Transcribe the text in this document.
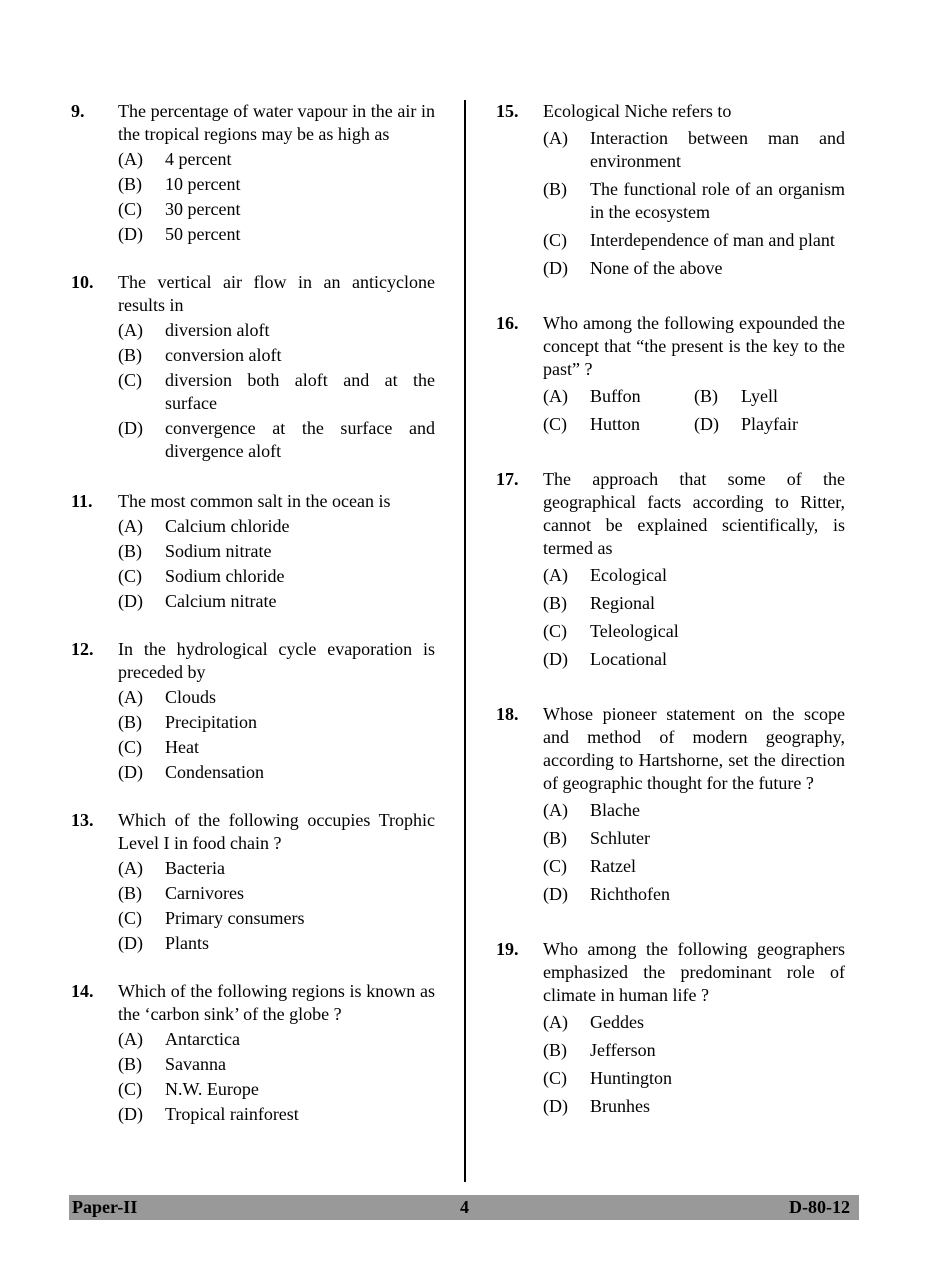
9. The percentage of water vapour in the air in the tropical regions may be as high as
(A) 4 percent
(B) 10 percent
(C) 30 percent
(D) 50 percent
10. The vertical air flow in an anticyclone results in
(A) diversion aloft
(B) conversion aloft
(C) diversion both aloft and at the surface
(D) convergence at the surface and divergence aloft
11. The most common salt in the ocean is
(A) Calcium chloride
(B) Sodium nitrate
(C) Sodium chloride
(D) Calcium nitrate
12. In the hydrological cycle evaporation is preceded by
(A) Clouds
(B) Precipitation
(C) Heat
(D) Condensation
13. Which of the following occupies Trophic Level I in food chain ?
(A) Bacteria
(B) Carnivores
(C) Primary consumers
(D) Plants
14. Which of the following regions is known as the ‘carbon sink’ of the globe ?
(A) Antarctica
(B) Savanna
(C) N.W. Europe
(D) Tropical rainforest
15. Ecological Niche refers to
(A) Interaction between man and environment
(B) The functional role of an organism in the ecosystem
(C) Interdependence of man and plant
(D) None of the above
16. Who among the following expounded the concept that “the present is the key to the past” ?
(A) Buffon	(B) Lyell
(C) Hutton	(D) Playfair
17. The approach that some of the geographical facts according to Ritter, cannot be explained scientifically, is termed as
(A) Ecological
(B) Regional
(C) Teleological
(D) Locational
18. Whose pioneer statement on the scope and method of modern geography, according to Hartshorne, set the direction of geographic thought for the future ?
(A) Blache
(B) Schluter
(C) Ratzel
(D) Richthofen
19. Who among the following geographers emphasized the predominant role of climate in human life ?
(A) Geddes
(B) Jefferson
(C) Huntington
(D) Brunhes
Paper-II	4	D-80-12
